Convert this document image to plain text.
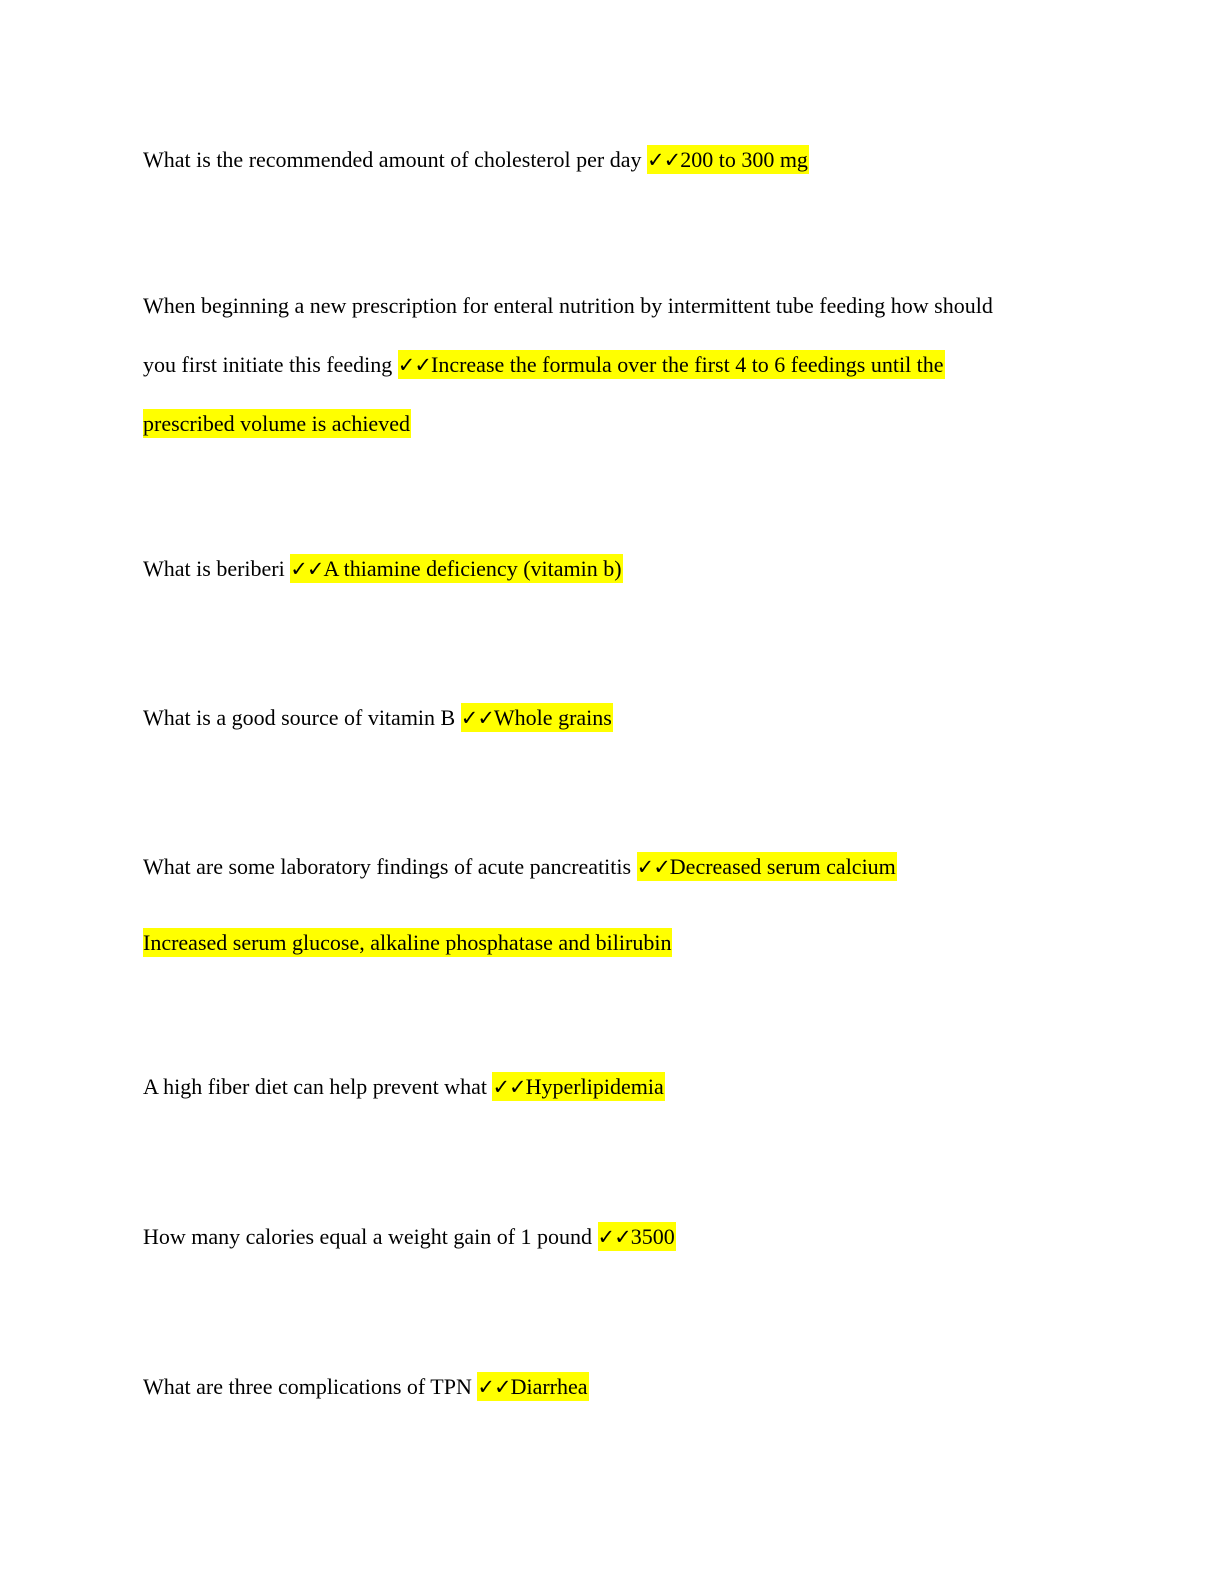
What is the recommended amount of cholesterol per day ✓✓200 to 300 mg
When beginning a new prescription for enteral nutrition by intermittent tube feeding how should
you first initiate this feeding ✓✓Increase the formula over the first 4 to 6 feedings until the
prescribed volume is achieved
What is beriberi ✓✓A thiamine deficiency (vitamin b)
What is a good source of vitamin B ✓✓Whole grains
What are some laboratory findings of acute pancreatitis ✓✓Decreased serum calcium
Increased serum glucose, alkaline phosphatase and bilirubin
A high fiber diet can help prevent what ✓✓Hyperlipidemia
How many calories equal a weight gain of 1 pound ✓✓3500
What are three complications of TPN ✓✓Diarrhea
